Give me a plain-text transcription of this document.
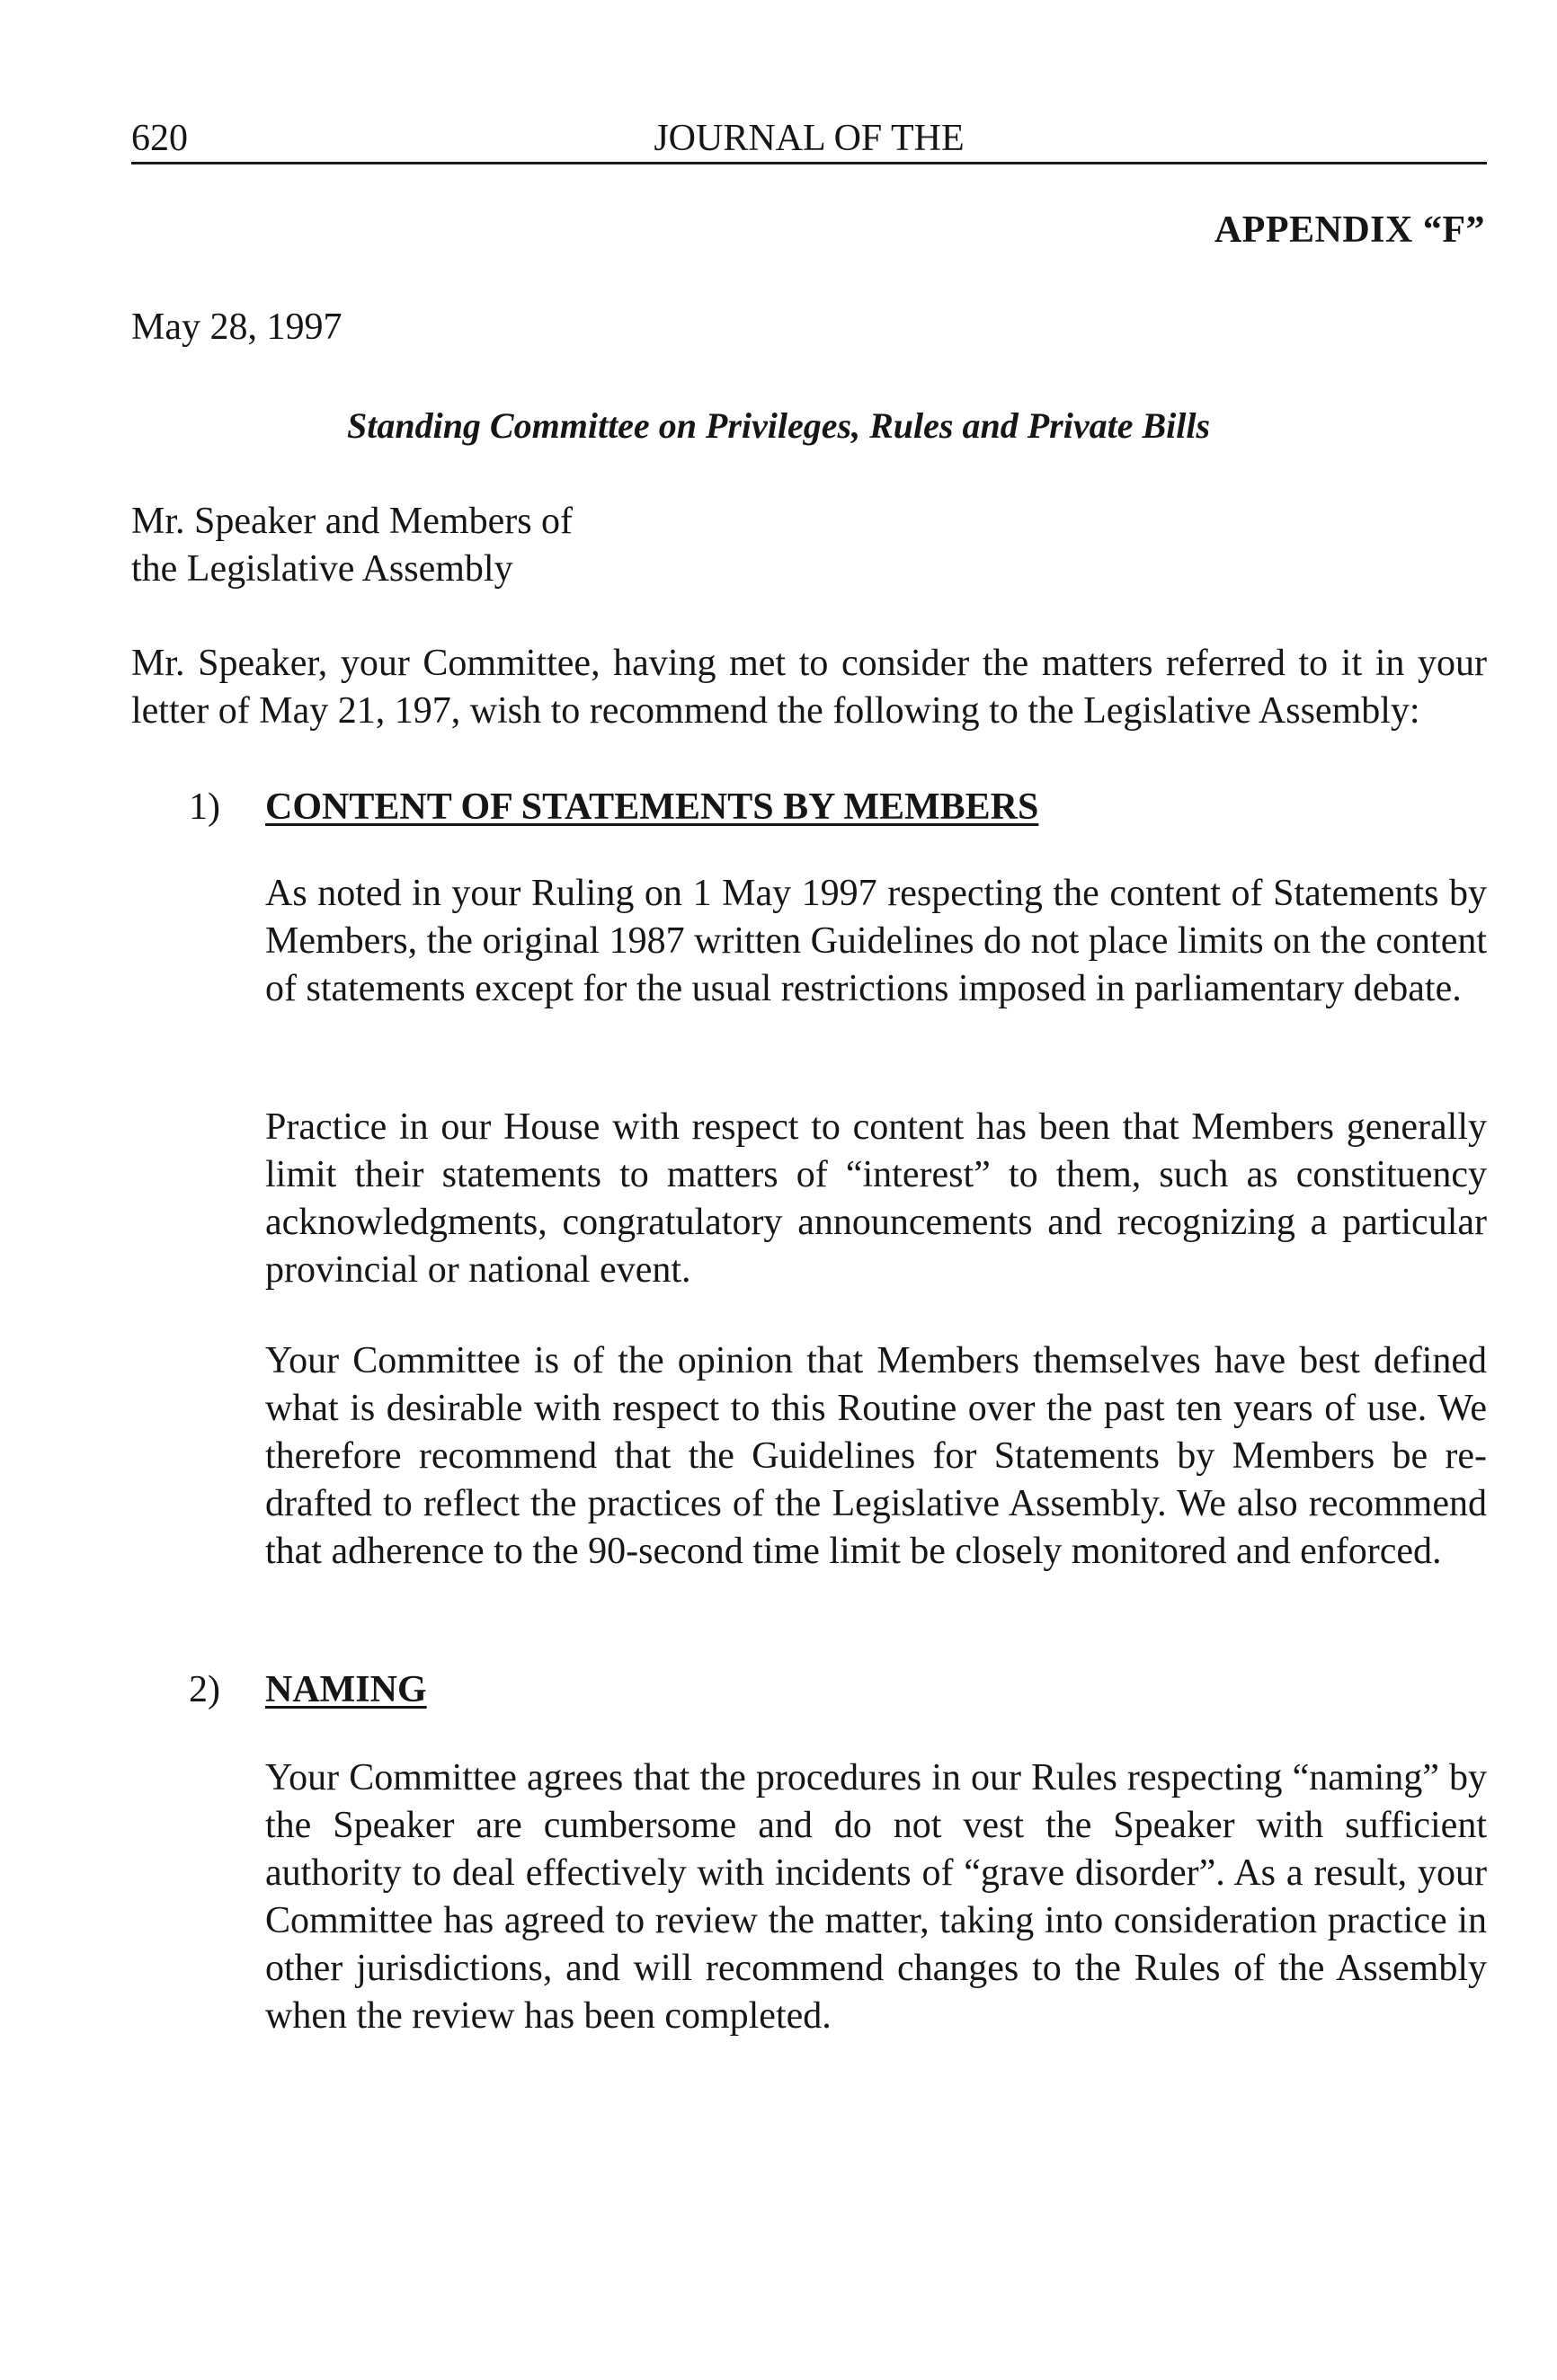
620	JOURNAL OF THE
APPENDIX “F”
May 28, 1997
Standing Committee on Privileges, Rules and Private Bills
Mr. Speaker and Members of
the Legislative Assembly
Mr. Speaker, your Committee, having met to consider the matters referred to it in your letter of May 21, 197, wish to recommend the following to the Legislative Assembly:
1) CONTENT OF STATEMENTS BY MEMBERS

As noted in your Ruling on 1 May 1997 respecting the content of Statements by Members, the original 1987 written Guidelines do not place limits on the content of statements except for the usual restrictions imposed in parliamentary debate.

Practice in our House with respect to content has been that Members generally limit their statements to matters of “interest” to them, such as constituency acknowledgments, congratulatory announcements and recognizing a particular provincial or national event.

Your Committee is of the opinion that Members themselves have best defined what is desirable with respect to this Routine over the past ten years of use. We therefore recommend that the Guidelines for Statements by Members be re-drafted to reflect the practices of the Legislative Assembly. We also recommend that adherence to the 90-second time limit be closely monitored and enforced.

2) NAMING

Your Committee agrees that the procedures in our Rules respecting “naming” by the Speaker are cumbersome and do not vest the Speaker with sufficient authority to deal effectively with incidents of “grave disorder”. As a result, your Committee has agreed to review the matter, taking into consideration practice in other jurisdictions, and will recommend changes to the Rules of the Assembly when the review has been completed.
